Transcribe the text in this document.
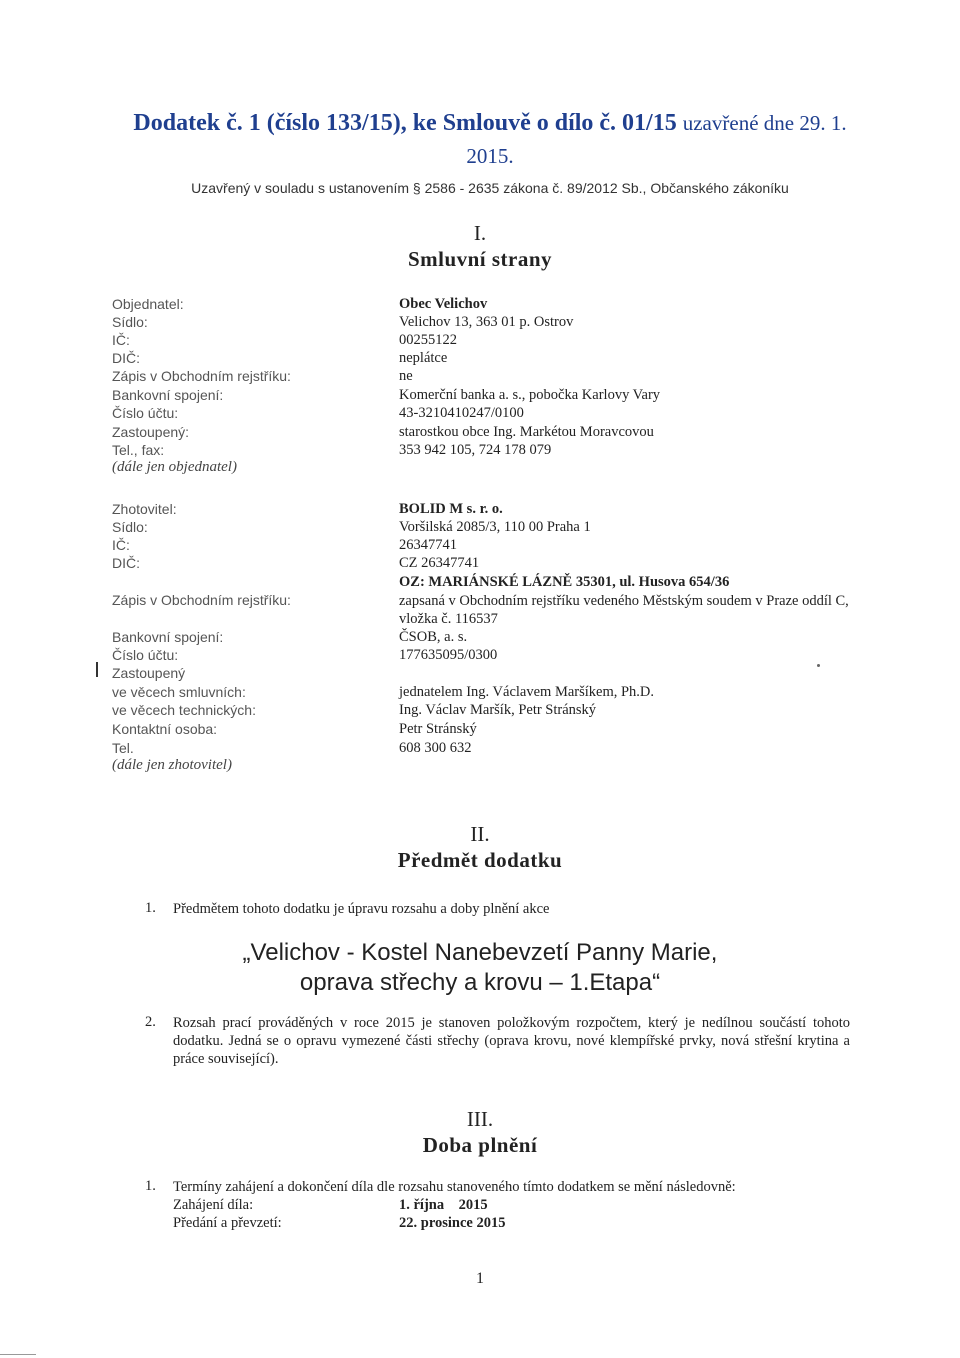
Dodatek č. 1 (číslo 133/15), ke Smlouvě o dílo č. 01/15 uzavřené dne 29. 1.
2015.
Uzavřený v souladu s ustanovením § 2586 - 2635 zákona č. 89/2012 Sb., Občanského zákoníku
I.
Smluvní strany
Objednatel:
Sídlo:
IČ:
DIČ:
Zápis v Obchodním rejstříku:
Bankovní spojení:
Číslo účtu:
Zastoupený:
Tel., fax:
(dále jen objednatel)
Obec Velichov
Velichov 13, 363 01 p. Ostrov
00255122
neplátce
ne
Komerční banka a. s., pobočka Karlovy Vary
43-3210410247/0100
starostkou obce Ing. Markétou Moravcovou
353 942 105, 724 178 079
Zhotovitel:
Sídlo:
IČ:
DIČ:
Zápis v Obchodním rejstříku:
Bankovní spojení:
Číslo účtu:
Zastoupený
ve věcech smluvních:
ve věcech technických:
Kontaktní osoba:
Tel.
(dále jen zhotovitel)
BOLID M s. r. o.
Voršilská 2085/3, 110 00 Praha 1
26347741
CZ 26347741
OZ: MARIÁNSKÉ LÁZNĚ 35301, ul. Husova 654/36
zapsaná v Obchodním rejstříku vedeného Městským soudem v Praze oddíl C, vložka č. 116537
ČSOB, a. s.
177635095/0300
jednatelem Ing. Václavem Maršíkem, Ph.D.
Ing. Václav Maršík, Petr Stránský
Petr Stránský
608 300 632
II.
Předmět dodatku
1. Předmětem tohoto dodatku je úpravu rozsahu a doby plnění akce
„Velichov - Kostel Nanebevzetí Panny Marie,
oprava střechy a krovu – 1.Etapa“
2. Rozsah prací prováděných v roce 2015 je stanoven položkovým rozpočtem, který je nedílnou součástí tohoto dodatku. Jedná se o opravu vymezené části střechy (oprava krovu, nové klempířské prvky, nová střešní krytina a práce související).
III.
Doba plnění
1. Termíny zahájení a dokončení díla dle rozsahu stanoveného tímto dodatkem se mění následovně:
Zahájení díla:	1. října    2015
Předání a převzetí:	22. prosince 2015
1
